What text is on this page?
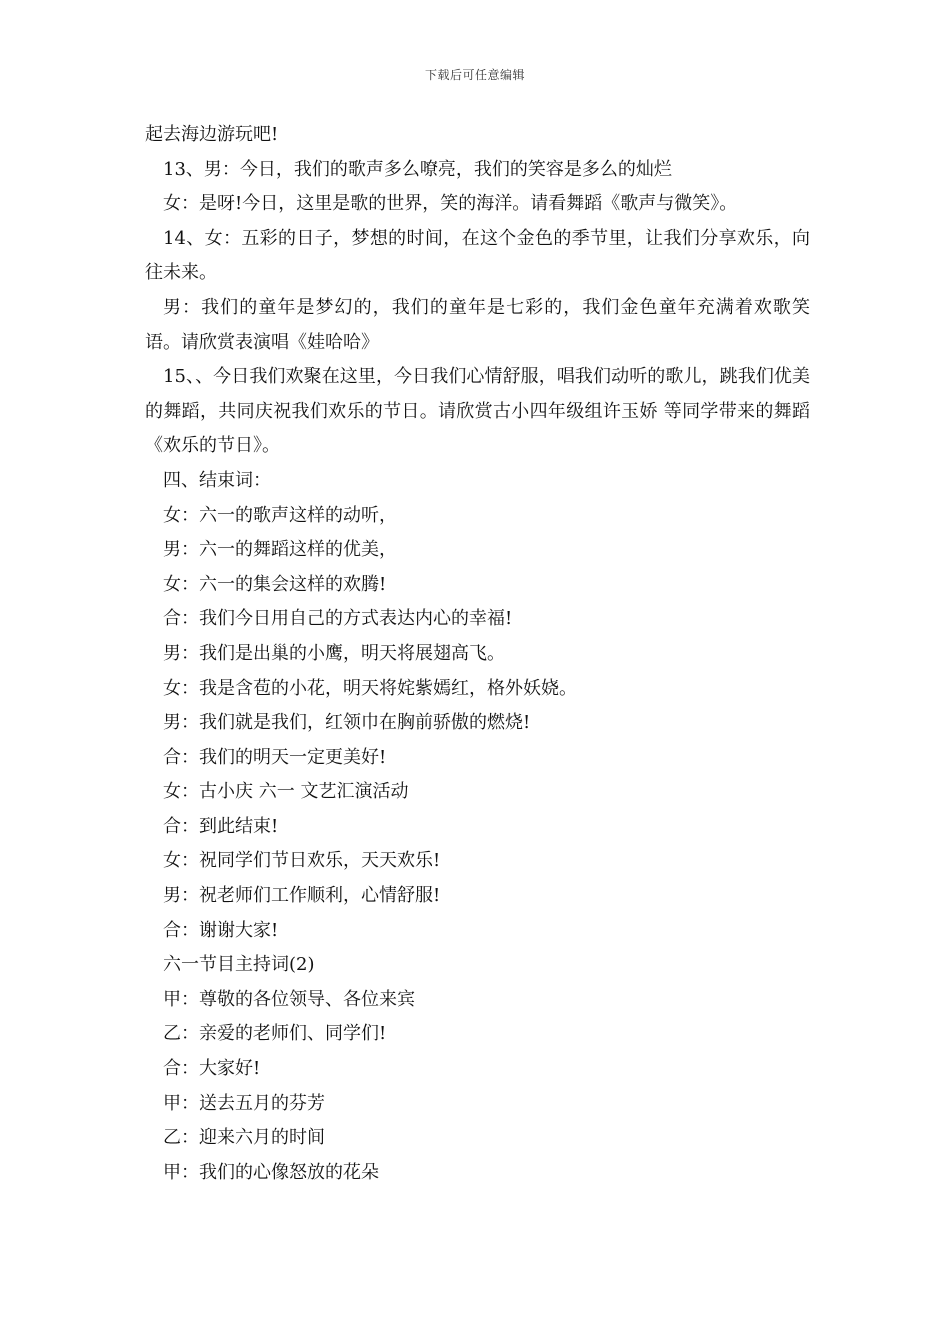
下载后可任意编辑

起去海边游玩吧!

13、男：今日，我们的歌声多么嘹亮，我们的笑容是多么的灿烂

女：是呀!今日，这里是歌的世界，笑的海洋。请看舞蹈《歌声与微笑》。

14、女：五彩的日子，梦想的时间，在这个金色的季节里，让我们分享欢乐，向往未来。

男：我们的童年是梦幻的，我们的童年是七彩的，我们金色童年充满着欢歌笑语。请欣赏表演唱《娃哈哈》

15、、今日我们欢聚在这里，今日我们心情舒服，唱我们动听的歌儿，跳我们优美的舞蹈，共同庆祝我们欢乐的节日。请欣赏古小四年级组许玉娇 等同学带来的舞蹈《欢乐的节日》。

四、结束词：

女：六一的歌声这样的动听，

男：六一的舞蹈这样的优美，

女：六一的集会这样的欢腾!

合：我们今日用自己的方式表达内心的幸福!

男：我们是出巢的小鹰，明天将展翅高飞。

女：我是含苞的小花，明天将姹紫嫣红，格外妖娆。

男：我们就是我们，红领巾在胸前骄傲的燃烧!

合：我们的明天一定更美好!

女：古小庆 六一 文艺汇演活动

合：到此结束!

女：祝同学们节日欢乐，天天欢乐!

男：祝老师们工作顺利，心情舒服!

合：谢谢大家!

六一节目主持词(2)

甲：尊敬的各位领导、各位来宾

乙：亲爱的老师们、同学们!

合：大家好!

甲：送去五月的芬芳

乙：迎来六月的时间

甲：我们的心像怒放的花朵
